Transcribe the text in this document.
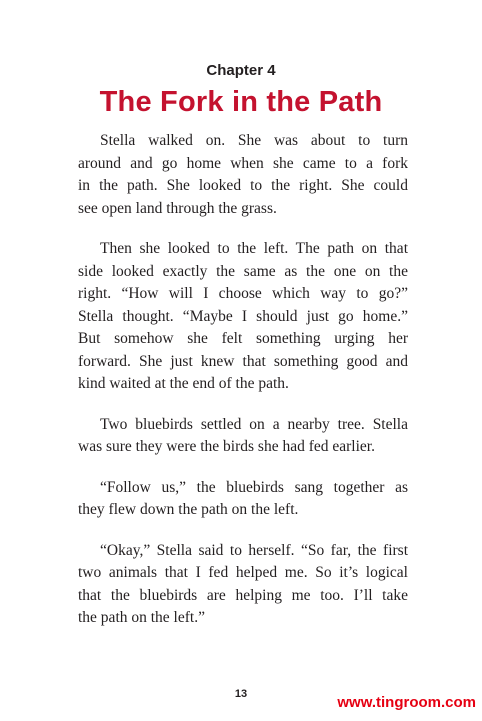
Chapter 4
The Fork in the Path
Stella walked on. She was about to turn
around and go home when she came to a fork
in the path. She looked to the right. She could
see open land through the grass.
Then she looked to the left. The path on that
side looked exactly the same as the one on the
right. “How will I choose which way to go?”
Stella thought. “Maybe I should just go home.”
But somehow she felt something urging her
forward. She just knew that something good and
kind waited at the end of the path.
Two bluebirds settled on a nearby tree. Stella
was sure they were the birds she had fed earlier.
“Follow us,” the bluebirds sang together as
they flew down the path on the left.
“Okay,” Stella said to herself. “So far, the first
two animals that I fed helped me. So it’s logical
that the bluebirds are helping me too. I’ll take
the path on the left.”
13	www.tingroom.com
